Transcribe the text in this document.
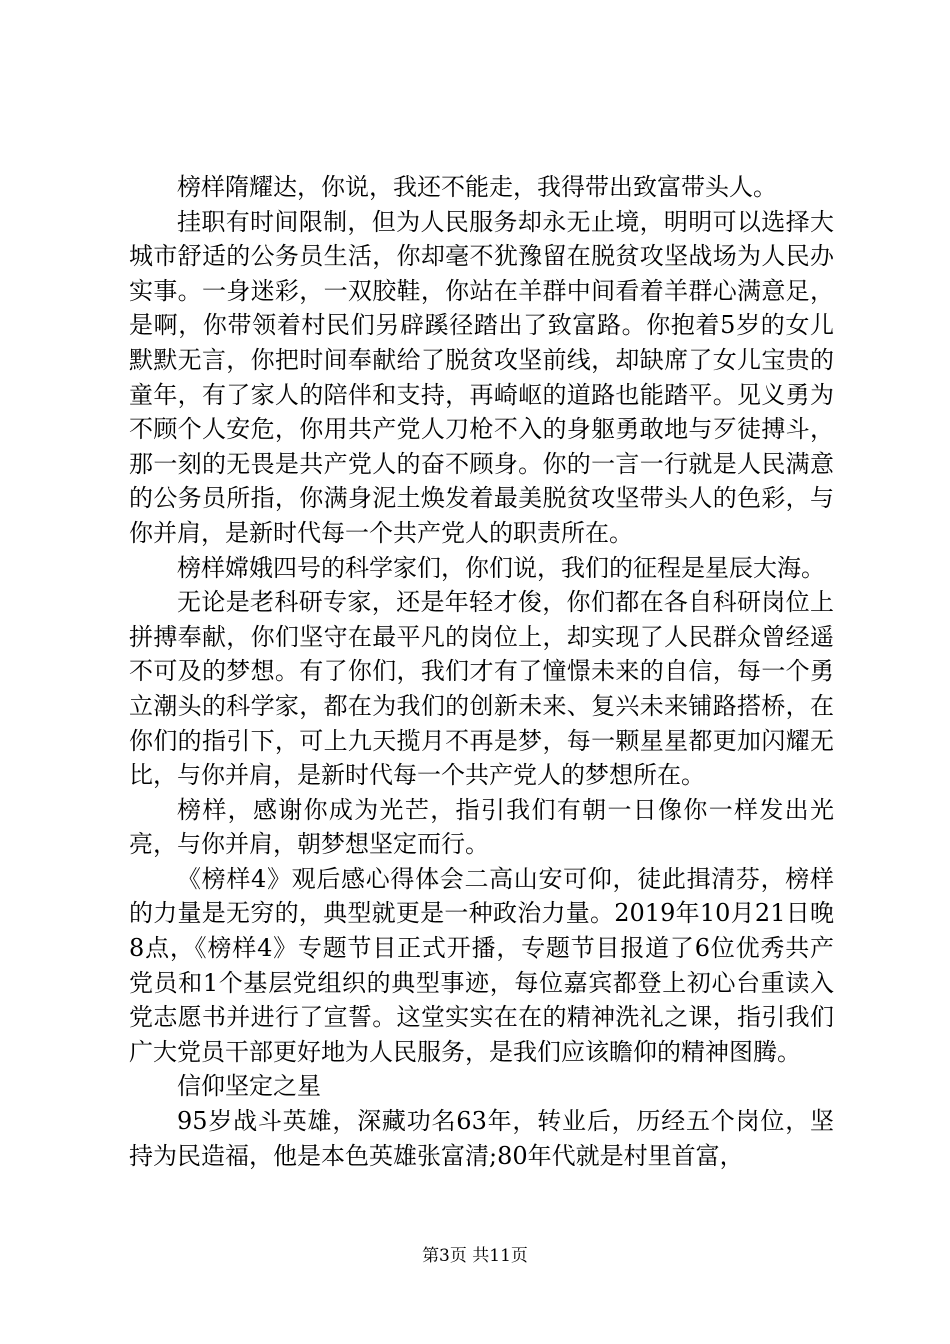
榜样隋耀达，你说，我还不能走，我得带出致富带头人。

挂职有时间限制，但为人民服务却永无止境，明明可以选择大城市舒适的公务员生活，你却毫不犹豫留在脱贫攻坚战场为人民办实事。一身迷彩，一双胶鞋，你站在羊群中间看着羊群心满意足，是啊，你带领着村民们另辟蹊径踏出了致富路。你抱着5岁的女儿默默无言，你把时间奉献给了脱贫攻坚前线，却缺席了女儿宝贵的童年，有了家人的陪伴和支持，再崎岖的道路也能踏平。见义勇为不顾个人安危，你用共产党人刀枪不入的身躯勇敢地与歹徒搏斗，那一刻的无畏是共产党人的奋不顾身。你的一言一行就是人民满意的公务员所指，你满身泥土焕发着最美脱贫攻坚带头人的色彩，与你并肩，是新时代每一个共产党人的职责所在。

榜样嫦娥四号的科学家们，你们说，我们的征程是星辰大海。

无论是老科研专家，还是年轻才俊，你们都在各自科研岗位上拼搏奉献，你们坚守在最平凡的岗位上，却实现了人民群众曾经遥不可及的梦想。有了你们，我们才有了憧憬未来的自信，每一个勇立潮头的科学家，都在为我们的创新未来、复兴未来铺路搭桥，在你们的指引下，可上九天揽月不再是梦，每一颗星星都更加闪耀无比，与你并肩，是新时代每一个共产党人的梦想所在。

榜样，感谢你成为光芒，指引我们有朝一日像你一样发出光亮，与你并肩，朝梦想坚定而行。

《榜样4》观后感心得体会二高山安可仰，徒此揖清芬，榜样的力量是无穷的，典型就更是一种政治力量。2019年10月21日晚8点，《榜样4》专题节目正式开播，专题节目报道了6位优秀共产党员和1个基层党组织的典型事迹，每位嘉宾都登上初心台重读入党志愿书并进行了宣誓。这堂实实在在的精神洗礼之课，指引我们广大党员干部更好地为人民服务，是我们应该瞻仰的精神图腾。

信仰坚定之星

95岁战斗英雄，深藏功名63年，转业后，历经五个岗位，坚持为民造福，他是本色英雄张富清;80年代就是村里首富，

第3页 共11页
